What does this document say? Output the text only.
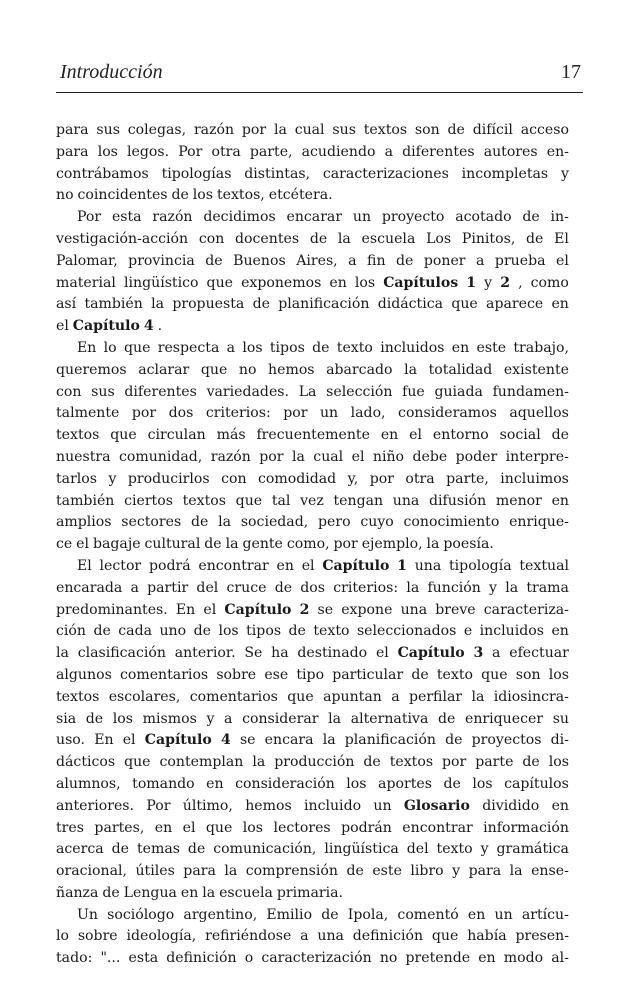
Introducción	17
para sus colegas, razón por la cual sus textos son de difícil acceso
para los legos. Por otra parte, acudiendo a diferentes autores en-
contrábamos tipologías distintas, caracterizaciones incompletas y
no coincidentes de los textos, etcétera.
Por esta razón decidimos encarar un proyecto acotado de in-
vestigación-acción con docentes de la escuela Los Pinitos, de El
Palomar, provincia de Buenos Aires, a fin de poner a prueba el
material lingüístico que exponemos en los Capítulos 1 y 2 , como
así también la propuesta de planificación didáctica que aparece en
el Capítulo 4 .
En lo que respecta a los tipos de texto incluidos en este trabajo,
queremos aclarar que no hemos abarcado la totalidad existente
con sus diferentes variedades. La selección fue guiada fundamen-
talmente por dos criterios: por un lado, consideramos aquellos
textos que circulan más frecuentemente en el entorno social de
nuestra comunidad, razón por la cual el niño debe poder interpre-
tarlos y producirlos con comodidad y, por otra parte, incluimos
también ciertos textos que tal vez tengan una difusión menor en
amplios sectores de la sociedad, pero cuyo conocimiento enrique-
ce el bagaje cultural de la gente como, por ejemplo, la poesía.
El lector podrá encontrar en el Capítulo 1 una tipología textual
encarada a partir del cruce de dos criterios: la función y la trama
predominantes. En el Capítulo 2 se expone una breve caracteriza-
ción de cada uno de los tipos de texto seleccionados e incluidos en
la clasificación anterior. Se ha destinado el Capítulo 3 a efectuar
algunos comentarios sobre ese tipo particular de texto que son los
textos escolares, comentarios que apuntan a perfilar la idiosincra-
sia de los mismos y a considerar la alternativa de enriquecer su
uso. En el Capítulo 4 se encara la planificación de proyectos di-
dácticos que contemplan la producción de textos por parte de los
alumnos, tomando en consideración los aportes de los capítulos
anteriores. Por último, hemos incluido un Glosario dividido en
tres partes, en el que los lectores podrán encontrar información
acerca de temas de comunicación, lingüística del texto y gramática
oracional, útiles para la comprensión de este libro y para la ense-
ñanza de Lengua en la escuela primaria.
Un sociólogo argentino, Emilio de Ipola, comentó en un artícu-
lo sobre ideología, refiriéndose a una definición que había presen-
tado: "... esta definición o caracterización no pretende en modo al-
